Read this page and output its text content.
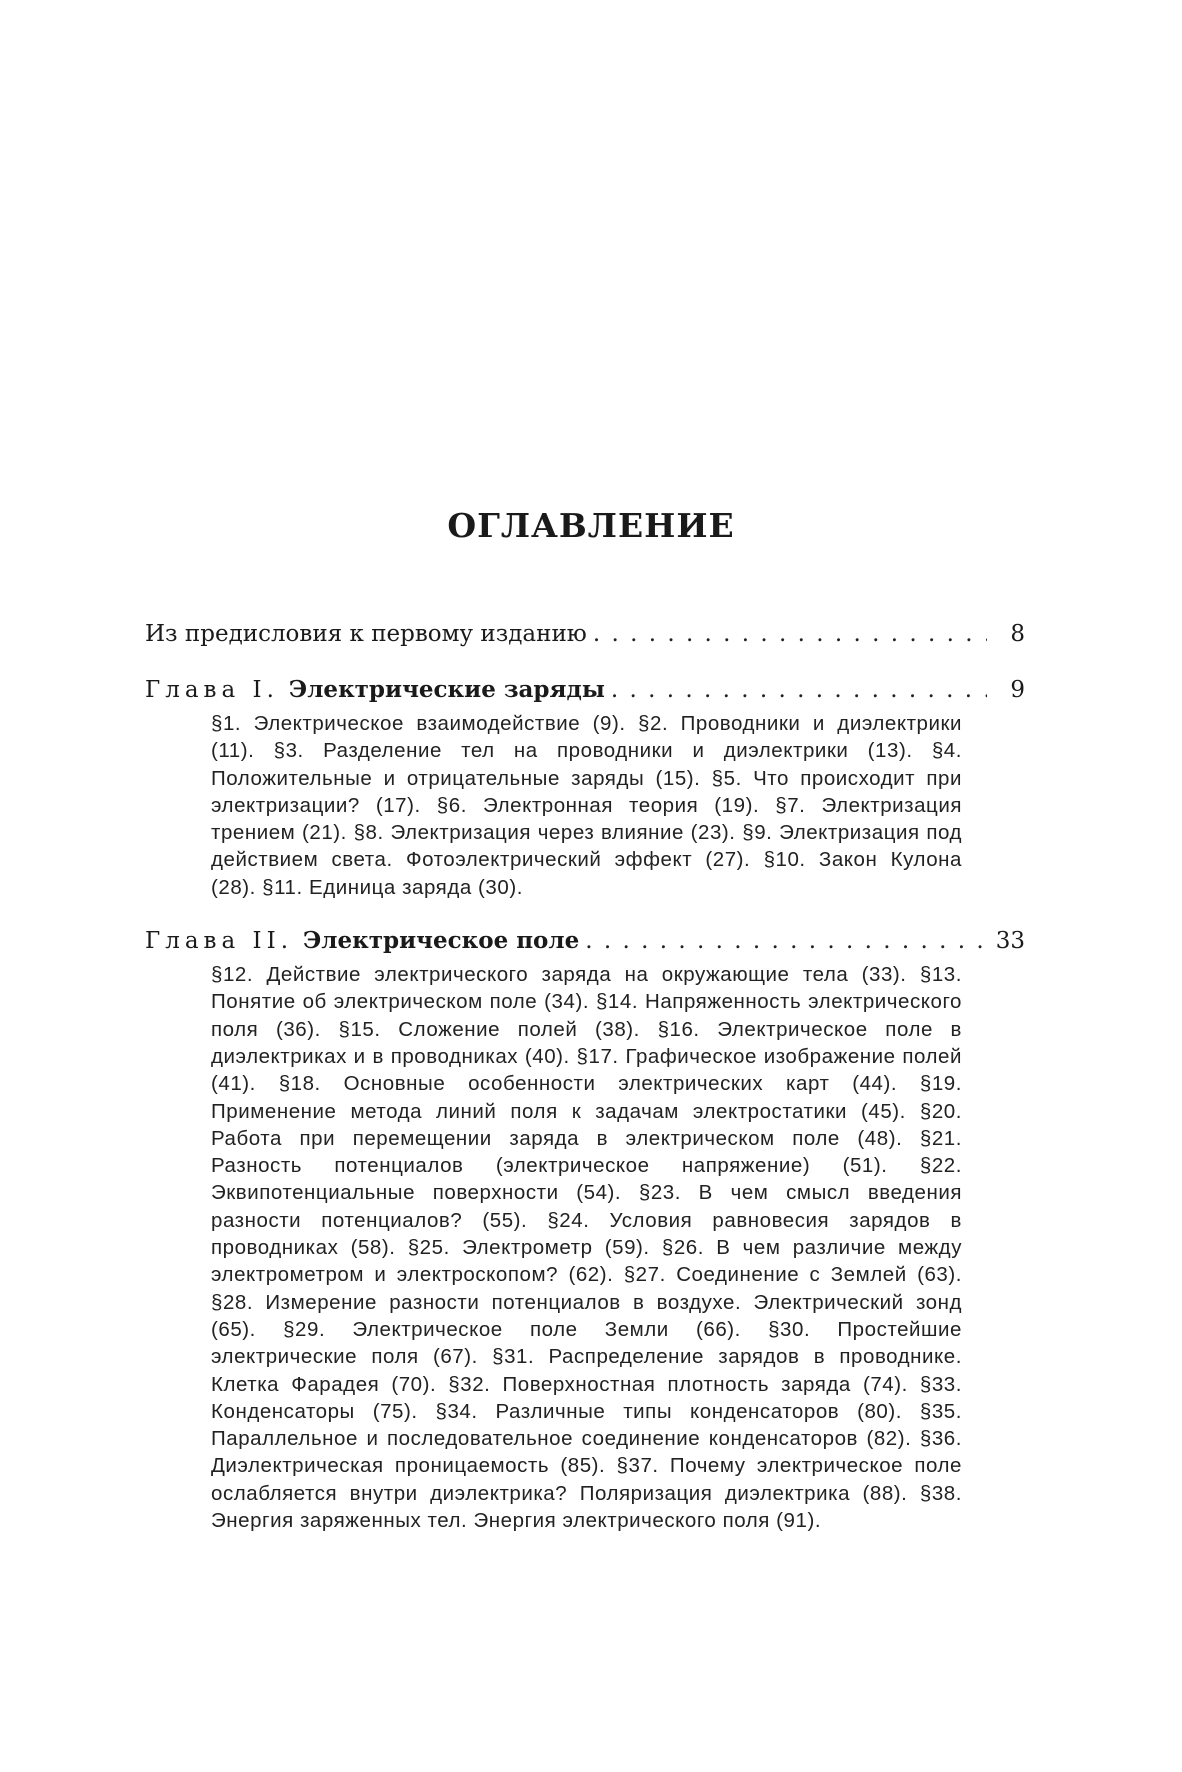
ОГЛАВЛЕНИЕ
Из предисловия к первому изданию . . .	8
Глава I. Электрические заряды . . .	9
§1. Электрическое взаимодействие (9). §2. Проводники и диэлектрики (11). §3. Разделение тел на проводники и диэлектрики (13). §4. Положительные и отрицательные заряды (15). §5. Что происходит при электризации? (17). §6. Электронная теория (19). §7. Электризация трением (21). §8. Электризация через влияние (23). §9. Электризация под действием света. Фотоэлектрический эффект (27). §10. Закон Кулона (28). §11. Единица заряда (30).
Глава II. Электрическое поле . . .	33
§12. Действие электрического заряда на окружающие тела (33). §13. Понятие об электрическом поле (34). §14. Напряженность электрического поля (36). §15. Сложение полей (38). §16. Электрическое поле в диэлектриках и в проводниках (40). §17. Графическое изображение полей (41). §18. Основные особенности электрических карт (44). §19. Применение метода линий поля к задачам электростатики (45). §20. Работа при перемещении заряда в электрическом поле (48). §21. Разность потенциалов (электрическое напряжение) (51). §22. Эквипотенциальные поверхности (54). §23. В чем смысл введения разности потенциалов? (55). §24. Условия равновесия зарядов в проводниках (58). §25. Электрометр (59). §26. В чем различие между электрометром и электроскопом? (62). §27. Соединение с Землей (63). §28. Измерение разности потенциалов в воздухе. Электрический зонд (65). §29. Электрическое поле Земли (66). §30. Простейшие электрические поля (67). §31. Распределение зарядов в проводнике. Клетка Фарадея (70). §32. Поверхностная плотность заряда (74). §33. Конденсаторы (75). §34. Различные типы конденсаторов (80). §35. Параллельное и последовательное соединение конденсаторов (82). §36. Диэлектрическая проницаемость (85). §37. Почему электрическое поле ослабляется внутри диэлектрика? Поляризация диэлектрика (88). §38. Энергия заряженных тел. Энергия электрического поля (91).
